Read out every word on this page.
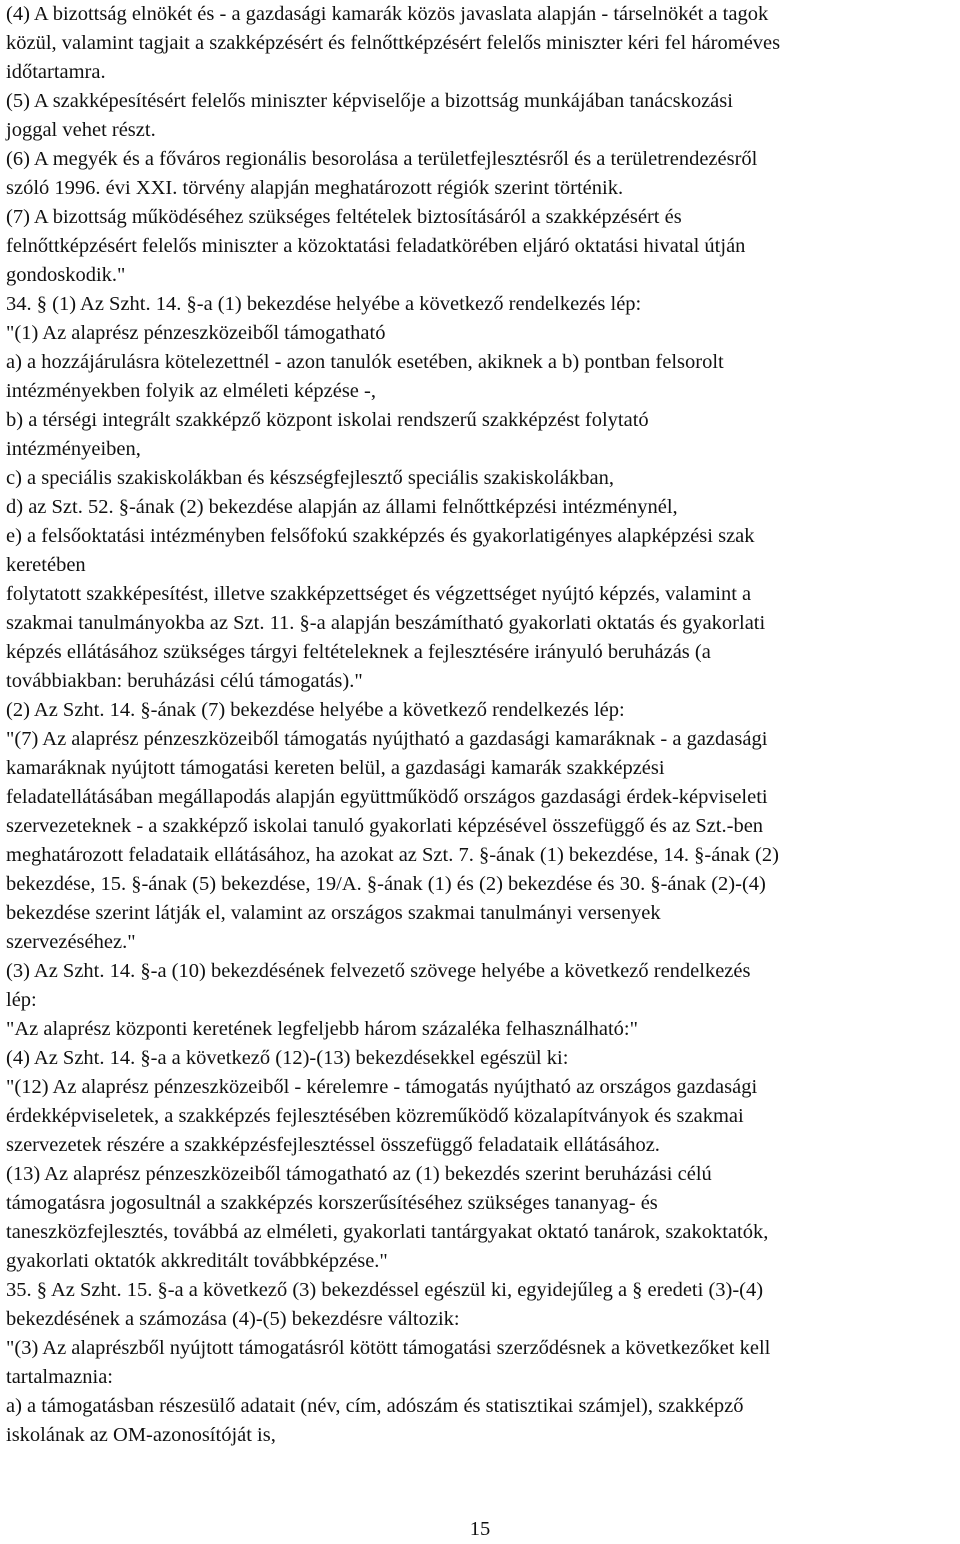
(4) A bizottság elnökét és - a gazdasági kamarák közös javaslata alapján - társelnökét a tagok
közül, valamint tagjait a szakképzésért és felnőttképzésért felelős miniszter kéri fel hároméves
időtartamra.
(5) A szakképesítésért felelős miniszter képviselője a bizottság munkájában tanácskozási
joggal vehet részt.
(6) A megyék és a főváros regionális besorolása a területfejlesztésről és a területrendezésről
szóló 1996. évi XXI. törvény alapján meghatározott régiók szerint történik.
(7) A bizottság működéséhez szükséges feltételek biztosításáról a szakképzésért és
felnőttképzésért felelős miniszter a közoktatási feladatkörében eljáró oktatási hivatal útján
gondoskodik."
34. § (1) Az Szht. 14. §-a (1) bekezdése helyébe a következő rendelkezés lép:
"(1) Az alaprész pénzeszközeiből támogatható
a) a hozzájárulásra kötelezettnél - azon tanulók esetében, akiknek a b) pontban felsorolt
intézményekben folyik az elméleti képzése -,
b) a térségi integrált szakképző központ iskolai rendszerű szakképzést folytató
intézményeiben,
c) a speciális szakiskolákban és készségfejlesztő speciális szakiskolákban,
d) az Szt. 52. §-ának (2) bekezdése alapján az állami felnőttképzési intézménynél,
e) a felsőoktatási intézményben felsőfokú szakképzés és gyakorlatigényes alapképzési szak
keretében
folytatott szakképesítést, illetve szakképzettséget és végzettséget nyújtó képzés, valamint a
szakmai tanulmányokba az Szt. 11. §-a alapján beszámítható gyakorlati oktatás és gyakorlati
képzés ellátásához szükséges tárgyi feltételeknek a fejlesztésére irányuló beruházás (a
továbbiakban: beruházási célú támogatás)."
(2) Az Szht. 14. §-ának (7) bekezdése helyébe a következő rendelkezés lép:
"(7) Az alaprész pénzeszközeiből támogatás nyújtható a gazdasági kamaráknak - a gazdasági
kamaráknak nyújtott támogatási kereten belül, a gazdasági kamarák szakképzési
feladatellátásában megállapodás alapján együttműködő országos gazdasági érdek-képviseleti
szervezeteknek - a szakképző iskolai tanuló gyakorlati képzésével összefüggő és az Szt.-ben
meghatározott feladataik ellátásához, ha azokat az Szt. 7. §-ának (1) bekezdése, 14. §-ának (2)
bekezdése, 15. §-ának (5) bekezdése, 19/A. §-ának (1) és (2) bekezdése és 30. §-ának (2)-(4)
bekezdése szerint látják el, valamint az országos szakmai tanulmányi versenyek
szervezéséhez."
(3) Az Szht. 14. §-a (10) bekezdésének felvezető szövege helyébe a következő rendelkezés
lép:
"Az alaprész központi keretének legfeljebb három százaléka felhasználható:"
(4) Az Szht. 14. §-a a következő (12)-(13) bekezdésekkel egészül ki:
"(12) Az alaprész pénzeszközeiből - kérelemre - támogatás nyújtható az országos gazdasági
érdekképviseletek, a szakképzés fejlesztésében közreműködő közalapítványok és szakmai
szervezetek részére a szakképzésfejlesztéssel összefüggő feladataik ellátásához.
(13) Az alaprész pénzeszközeiből támogatható az (1) bekezdés szerint beruházási célú
támogatásra jogosultnál a szakképzés korszerűsítéséhez szükséges tananyag- és
taneszközfejlesztés, továbbá az elméleti, gyakorlati tantárgyakat oktató tanárok, szakoktatók,
gyakorlati oktatók akkreditált továbbképzése."
35. § Az Szht. 15. §-a a következő (3) bekezdéssel egészül ki, egyidejűleg a § eredeti (3)-(4)
bekezdésének a számozása (4)-(5) bekezdésre változik:
"(3) Az alaprészből nyújtott támogatásról kötött támogatási szerződésnek a következőket kell
tartalmaznia:
a) a támogatásban részesülő adatait (név, cím, adószám és statisztikai számjel), szakképző
iskolának az OM-azonosítóját is,
15
